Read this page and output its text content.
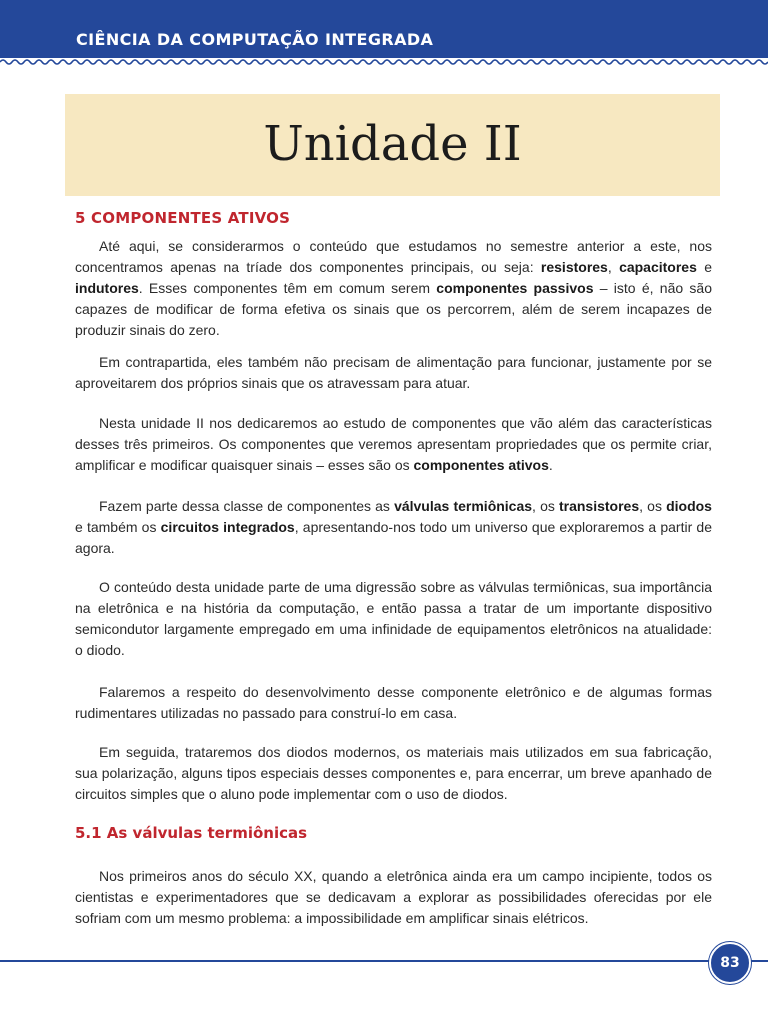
CIÊNCIA DA COMPUTAÇÃO INTEGRADA
Unidade II
5 COMPONENTES ATIVOS

Até aqui, se considerarmos o conteúdo que estudamos no semestre anterior a este, nos concentramos apenas na tríade dos componentes principais, ou seja: resistores, capacitores e indutores. Esses componentes têm em comum serem componentes passivos – isto é, não são capazes de modificar de forma efetiva os sinais que os percorrem, além de serem incapazes de produzir sinais do zero.

Em contrapartida, eles também não precisam de alimentação para funcionar, justamente por se aproveitarem dos próprios sinais que os atravessam para atuar.

Nesta unidade II nos dedicaremos ao estudo de componentes que vão além das características desses três primeiros. Os componentes que veremos apresentam propriedades que os permite criar, amplificar e modificar quaisquer sinais – esses são os componentes ativos.

Fazem parte dessa classe de componentes as válvulas termiônicas, os transistores, os diodos e também os circuitos integrados, apresentando-nos todo um universo que exploraremos a partir de agora.

O conteúdo desta unidade parte de uma digressão sobre as válvulas termiônicas, sua importância na eletrônica e na história da computação, e então passa a tratar de um importante dispositivo semicondutor largamente empregado em uma infinidade de equipamentos eletrônicos na atualidade: o diodo.

Falaremos a respeito do desenvolvimento desse componente eletrônico e de algumas formas rudimentares utilizadas no passado para construí-lo em casa.

Em seguida, trataremos dos diodos modernos, os materiais mais utilizados em sua fabricação, sua polarização, alguns tipos especiais desses componentes e, para encerrar, um breve apanhado de circuitos simples que o aluno pode implementar com o uso de diodos.

5.1 As válvulas termiônicas

Nos primeiros anos do século XX, quando a eletrônica ainda era um campo incipiente, todos os cientistas e experimentadores que se dedicavam a explorar as possibilidades oferecidas por ele sofriam com um mesmo problema: a impossibilidade em amplificar sinais elétricos.

83
